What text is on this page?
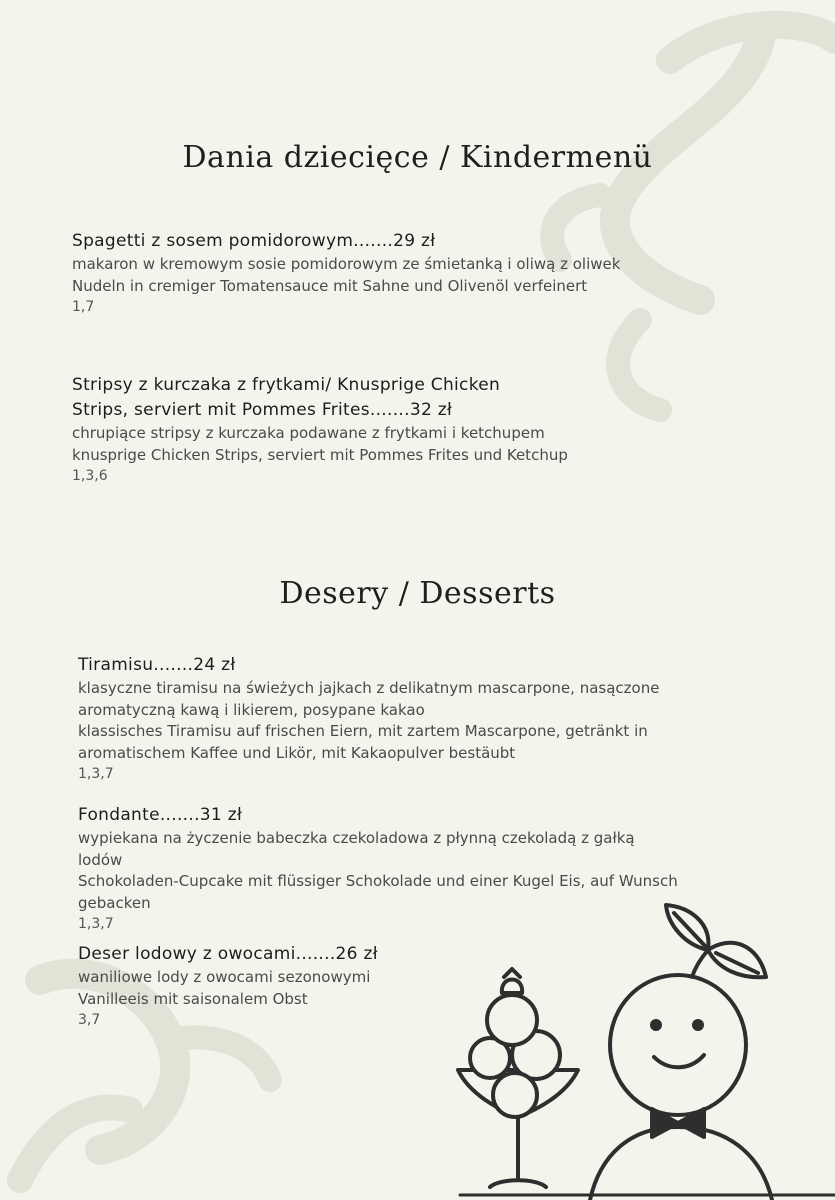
Dania dziecięce / Kindermenü

Spagetti z sosem pomidorowym.......29 zł

makaron w kremowym sosie pomidorowym ze śmietanką i oliwą z oliwek

Nudeln in cremiger Tomatensauce mit Sahne und Olivenöl verfeinert

1,7

Stripsy z kurczaka z frytkami/ Knusprige Chicken

Strips, serviert mit Pommes Frites.......32 zł

chrupiące stripsy z kurczaka podawane z frytkami i ketchupem

knusprige Chicken Strips, serviert mit Pommes Frites und Ketchup

1,3,6

Desery / Desserts

Tiramisu.......24 zł

klasyczne tiramisu na świeżych jajkach z delikatnym mascarpone, nasączone

aromatyczną kawą i likierem, posypane kakao

klassisches Tiramisu auf frischen Eiern, mit zartem Mascarpone, getränkt in

aromatischem Kaffee und Likör, mit Kakaopulver bestäubt

1,3,7

Fondante.......31 zł

wypiekana na życzenie babeczka czekoladowa z płynną czekoladą z gałką

lodów

Schokoladen-Cupcake mit flüssiger Schokolade und einer Kugel Eis, auf Wunsch

gebacken

1,3,7

Deser lodowy z owocami.......26 zł

waniliowe lody z owocami sezonowymi

Vanilleeis mit saisonalem Obst

3,7
